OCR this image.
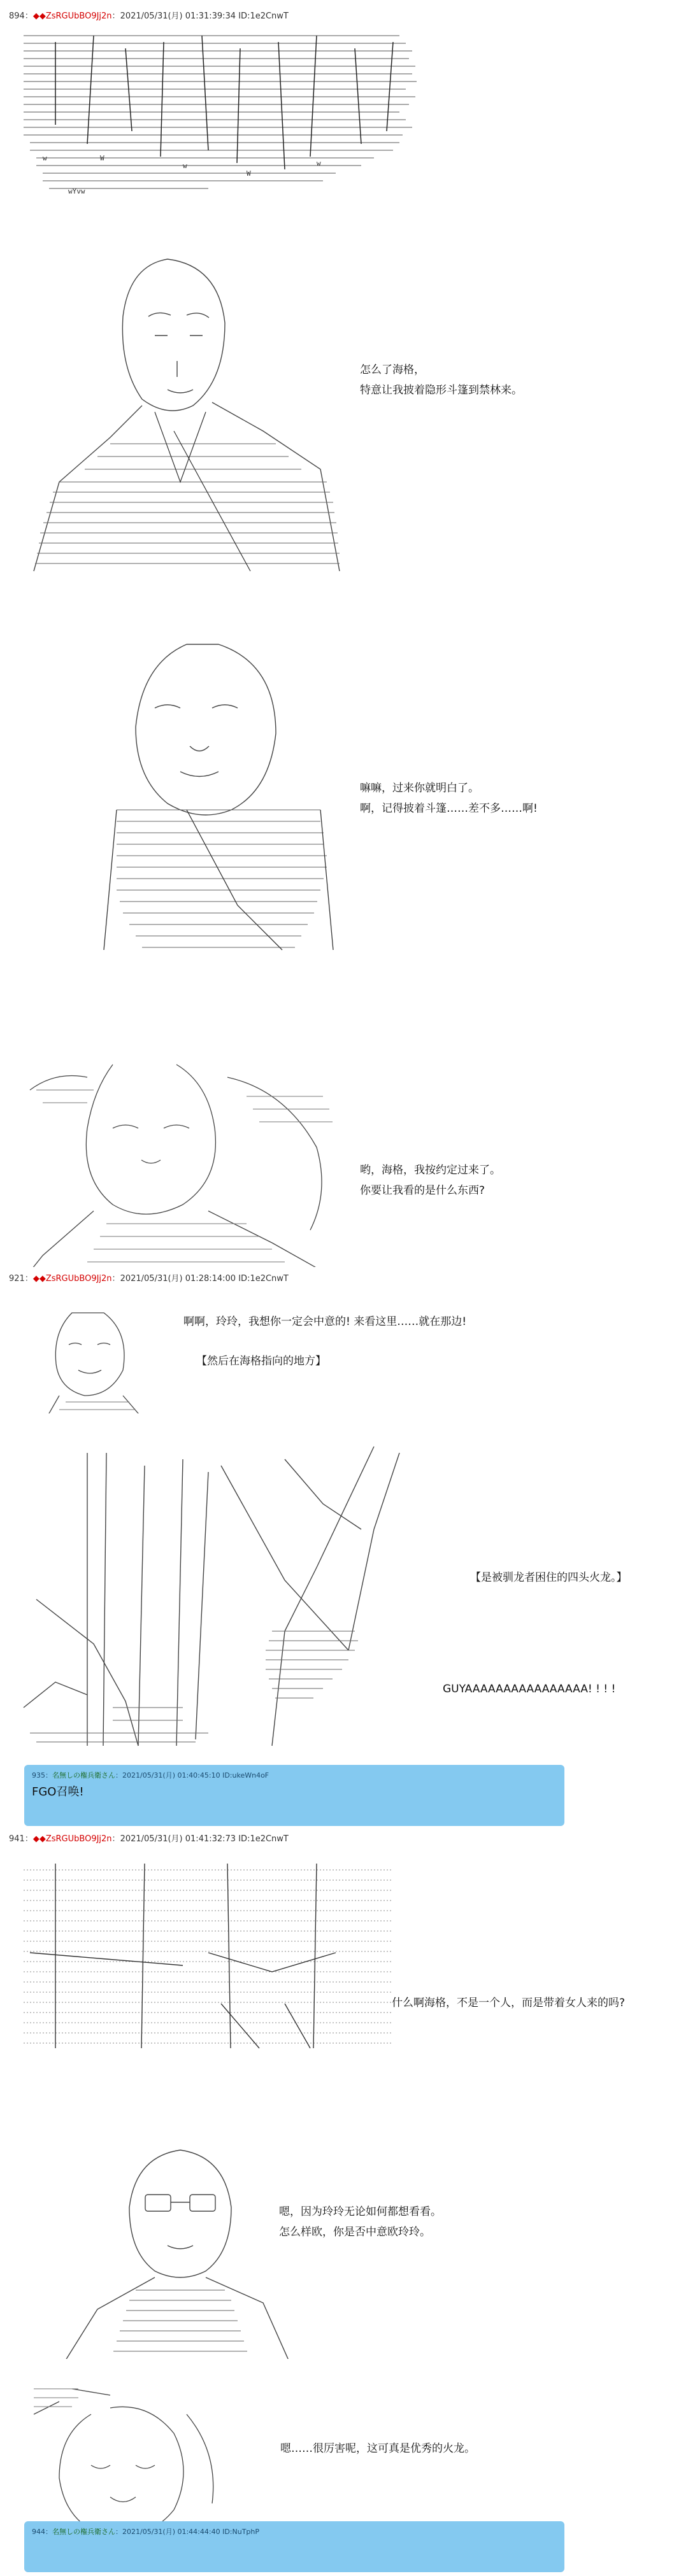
894：◆◆ZsRGUbBO9Jj2n：2021/05/31(月) 01:31:39:34 ID:1e2CnwT

w	W
w
W
w
wYvw

怎么了海格，
特意让我披着隐形斗篷到禁林来。

嘛嘛，过来你就明白了。
啊，记得披着斗篷……差不多……啊!

哟，海格，我按约定过来了。
你要让我看的是什么东西?
921：◆◆ZsRGUbBO9Jj2n：2021/05/31(月) 01:28:14:00 ID:1e2CnwT

啊啊，玲玲，我想你一定会中意的! 来看这里……就在那边!
【然后在海格指向的地方】

【是被驯龙者困住的四头火龙。】
GUYAAAAAAAAAAAAAAAA! ! ! !
935：名無しの権兵衛さん：2021/05/31(月) 01:40:45:10 ID:ukeWn4oF
FGO召唤!
941：◆◆ZsRGUbBO9Jj2n：2021/05/31(月) 01:41:32:73 ID:1e2CnwT

什么啊海格，不是一个人，而是带着女人来的吗?

嗯，因为玲玲无论如何都想看看。
怎么样欧，你是否中意欧玲玲。

嗯……很厉害呢，这可真是优秀的火龙。
944：名無しの権兵衛さん：2021/05/31(月) 01:44:44:40 ID:NuTphP
